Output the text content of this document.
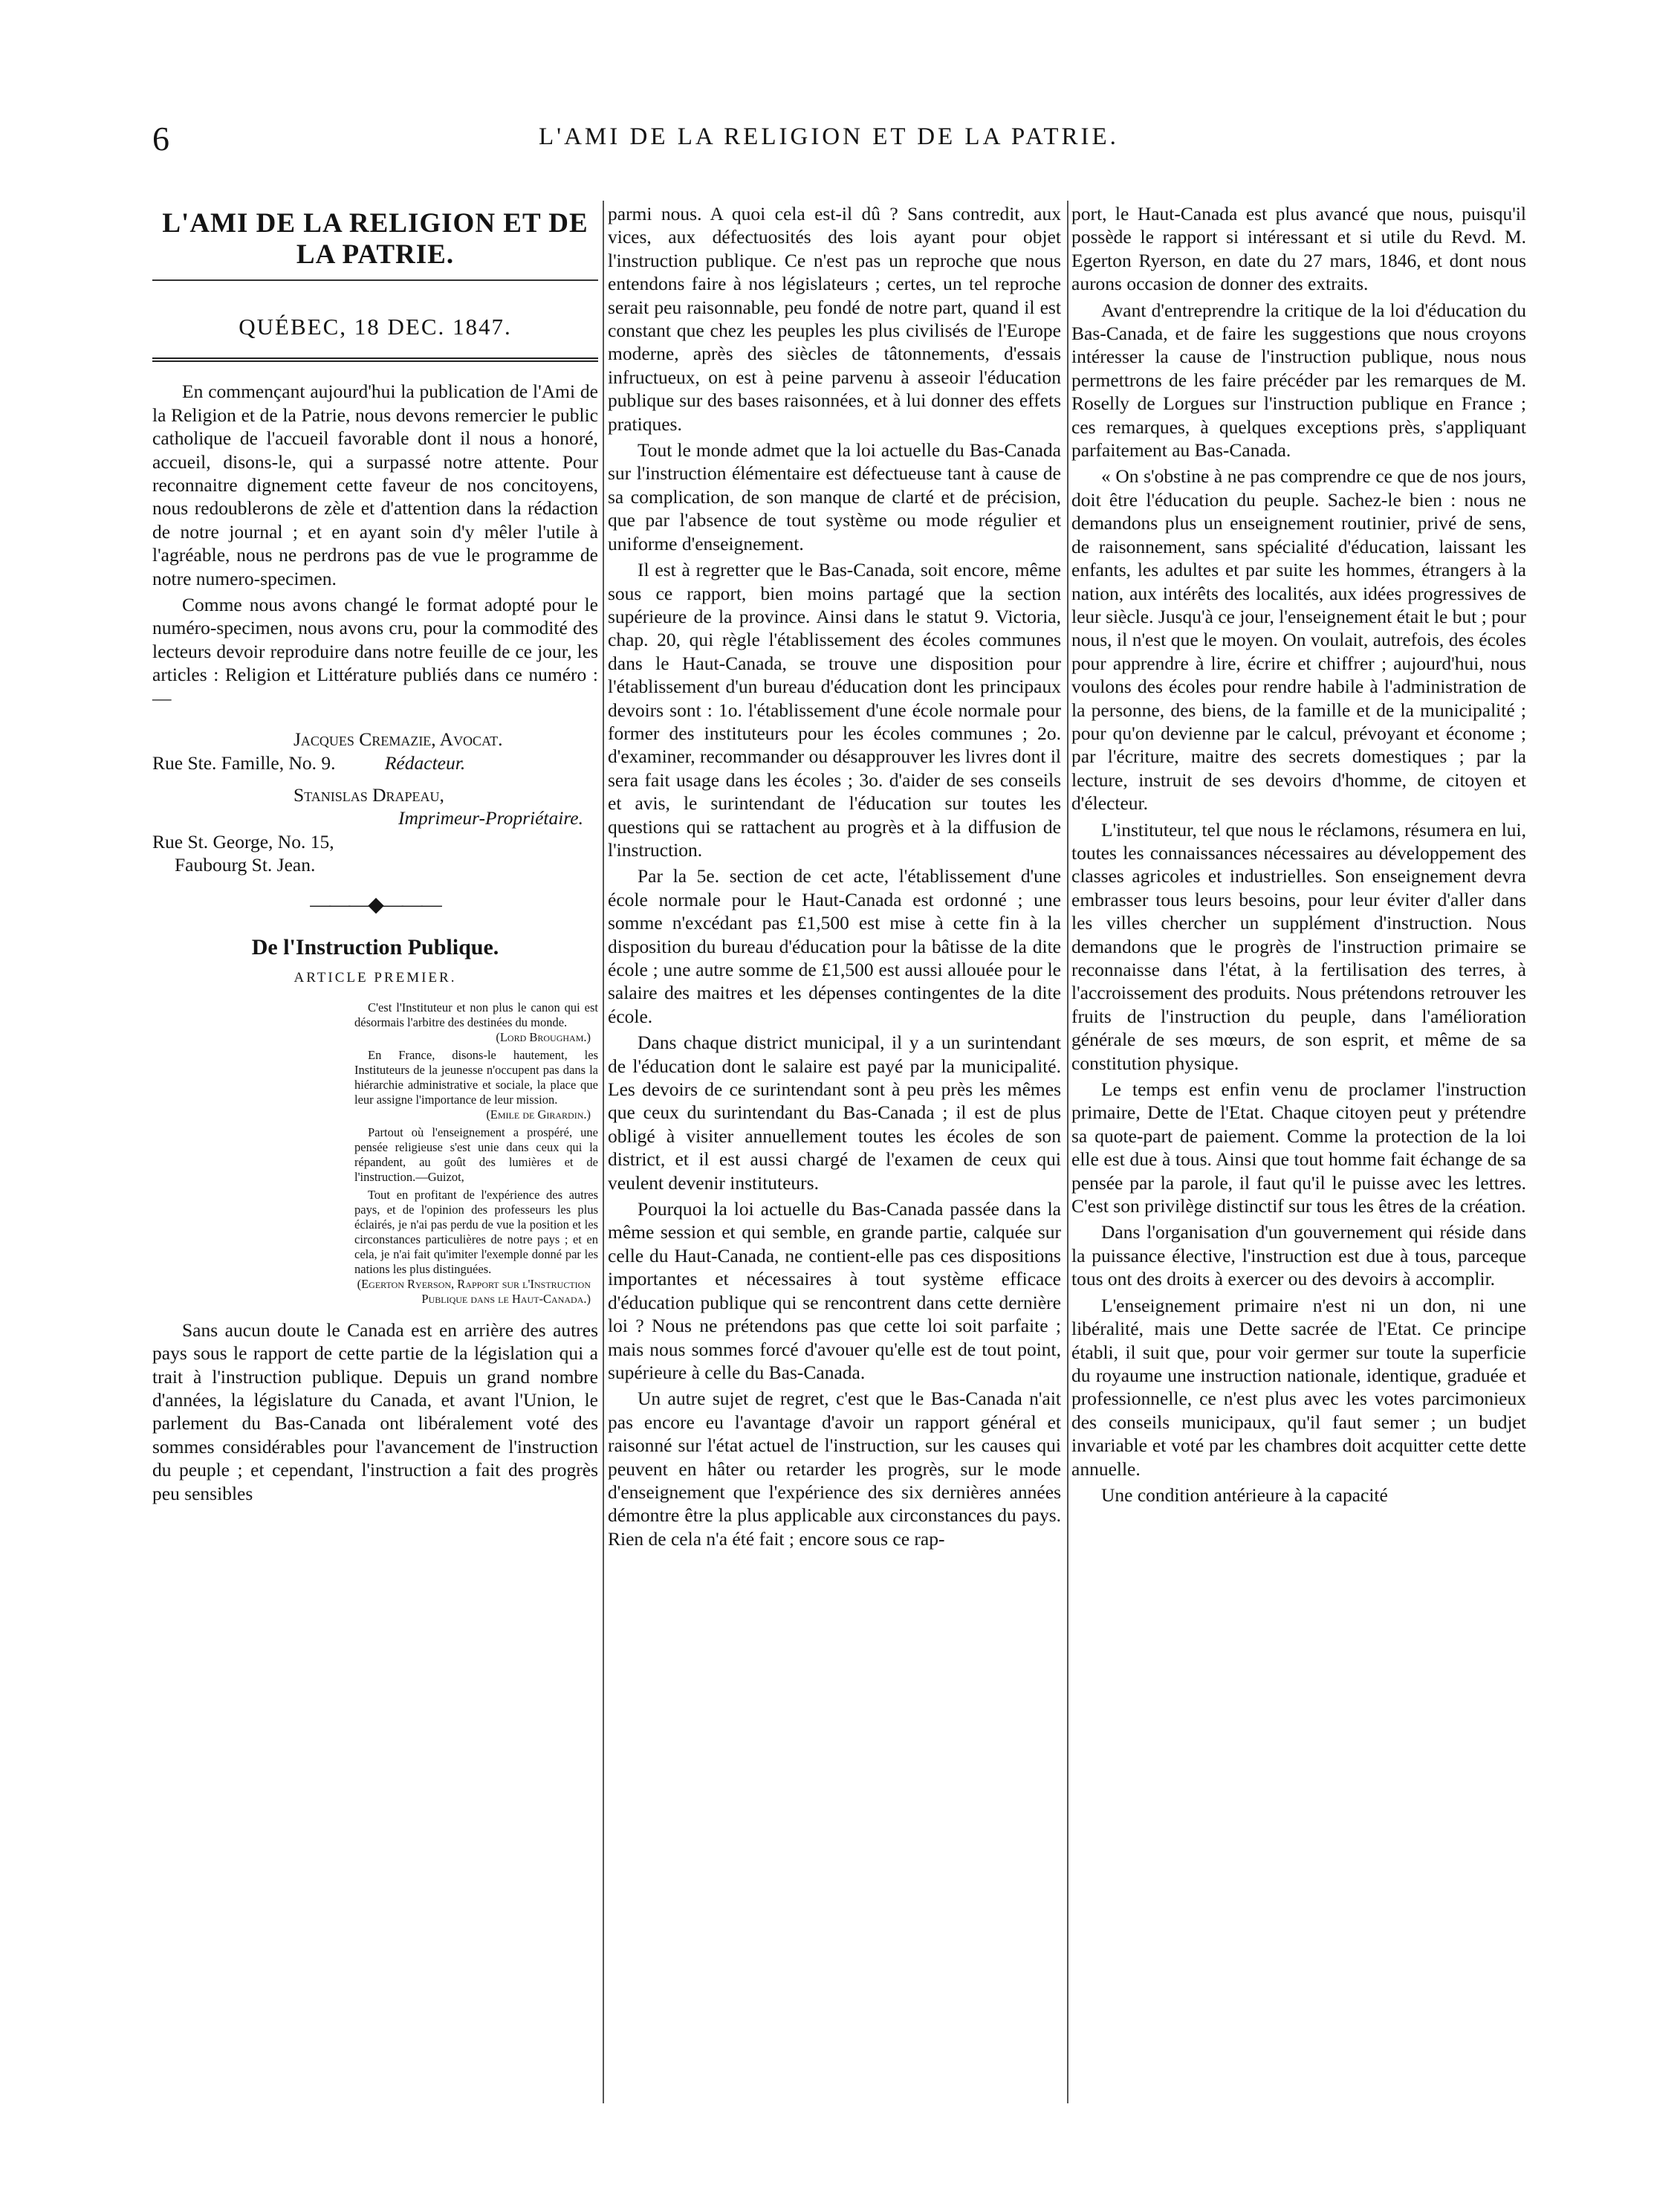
6	L'AMI DE LA RELIGION ET DE LA PATRIE.
L'AMI DE LA RELIGION ET DE LA PATRIE.
QUÉBEC, 18 DEC. 1847.

En commençant aujourd'hui la publication de l'Ami de la Religion et de la Patrie, nous devons remercier le public catholique de l'accueil favorable dont il nous a honoré, accueil, disons-le, qui a surpassé notre attente. Pour reconnaitre dignement cette faveur de nos concitoyens, nous redoublerons de zèle et d'attention dans la rédaction de notre journal ; et en ayant soin d'y mêler l'utile à l'agréable, nous ne perdrons pas de vue le programme de notre numero-specimen.

Comme nous avons changé le format adopté pour le numéro-specimen, nous avons cru, pour la commodité des lecteurs devoir reproduire dans notre feuille de ce jour, les articles : Religion et Littérature publiés dans ce numéro :—

Jacques Cremazie, Avocat.
Rue Ste. Famille, No. 9.	Rédacteur.
Stanislas Drapeau,
Imprimeur-Propriétaire.
Rue St. George, No. 15,
Faubourg St. Jean.
———◆———
De l'Instruction Publique.
ARTICLE PREMIER.
C'est l'Instituteur et non plus le canon qui est désormais l'arbitre des destinées du monde.
(Lord Brougham.)
En France, disons-le hautement, les Instituteurs de la jeunesse n'occupent pas dans la hiérarchie administrative et sociale, la place que leur assigne l'importance de leur mission.
(Emile de Girardin.)
Partout où l'enseignement a prospéré, une pensée religieuse s'est unie dans ceux qui la répandent, au goût des lumières et de l'instruction.—Guizot,
Tout en profitant de l'expérience des autres pays, et de l'opinion des professeurs les plus éclairés, je n'ai pas perdu de vue la position et les circonstances particulières de notre pays ; et en cela, je n'ai fait qu'imiter l'exemple donné par les nations les plus distinguées.
(Egerton Ryerson, Rapport sur l'Instruction Publique dans le Haut-Canada.)

Sans aucun doute le Canada est en arrière des autres pays sous le rapport de cette partie de la législation qui a trait à l'instruction publique. Depuis un grand nombre d'années, la législature du Canada, et avant l'Union, le parlement du Bas-Canada ont libéralement voté des sommes considérables pour l'avancement de l'instruction du peuple ; et cependant, l'instruction a fait des progrès peu sensibles

parmi nous. A quoi cela est-il dû ? Sans contredit, aux vices, aux défectuosités des lois ayant pour objet l'instruction publique. Ce n'est pas un reproche que nous entendons faire à nos législateurs ; certes, un tel reproche serait peu raisonnable, peu fondé de notre part, quand il est constant que chez les peuples les plus civilisés de l'Europe moderne, après des siècles de tâtonnements, d'essais infructueux, on est à peine parvenu à asseoir l'éducation publique sur des bases raisonnées, et à lui donner des effets pratiques.

Tout le monde admet que la loi actuelle du Bas-Canada sur l'instruction élémentaire est défectueuse tant à cause de sa complication, de son manque de clarté et de précision, que par l'absence de tout système ou mode régulier et uniforme d'enseignement.

Il est à regretter que le Bas-Canada, soit encore, même sous ce rapport, bien moins partagé que la section supérieure de la province. Ainsi dans le statut 9. Victoria, chap. 20, qui règle l'établissement des écoles communes dans le Haut-Canada, se trouve une disposition pour l'établissement d'un bureau d'éducation dont les principaux devoirs sont : 1o. l'établissement d'une école normale pour former des instituteurs pour les écoles communes ; 2o. d'examiner, recommander ou désapprouver les livres dont il sera fait usage dans les écoles ; 3o. d'aider de ses conseils et avis, le surintendant de l'éducation sur toutes les questions qui se rattachent au progrès et à la diffusion de l'instruction.

Par la 5e. section de cet acte, l'établissement d'une école normale pour le Haut-Canada est ordonné ; une somme n'excédant pas £1,500 est mise à cette fin à la disposition du bureau d'éducation pour la bâtisse de la dite école ; une autre somme de £1,500 est aussi allouée pour le salaire des maitres et les dépenses contingentes de la dite école.

Dans chaque district municipal, il y a un surintendant de l'éducation dont le salaire est payé par la municipalité. Les devoirs de ce surintendant sont à peu près les mêmes que ceux du surintendant du Bas-Canada ; il est de plus obligé à visiter annuellement toutes les écoles de son district, et il est aussi chargé de l'examen de ceux qui veulent devenir instituteurs.

Pourquoi la loi actuelle du Bas-Canada passée dans la même session et qui semble, en grande partie, calquée sur celle du Haut-Canada, ne contient-elle pas ces dispositions importantes et nécessaires à tout système efficace d'éducation publique qui se rencontrent dans cette dernière loi ? Nous ne prétendons pas que cette loi soit parfaite ; mais nous sommes forcé d'avouer qu'elle est de tout point, supérieure à celle du Bas-Canada.

Un autre sujet de regret, c'est que le Bas-Canada n'ait pas encore eu l'avantage d'avoir un rapport général et raisonné sur l'état actuel de l'instruction, sur les causes qui peuvent en hâter ou retarder les progrès, sur le mode d'enseignement que l'expérience des six dernières années démontre être la plus applicable aux circonstances du pays. Rien de cela n'a été fait ; encore sous ce rap-

port, le Haut-Canada est plus avancé que nous, puisqu'il possède le rapport si intéressant et si utile du Revd. M. Egerton Ryerson, en date du 27 mars, 1846, et dont nous aurons occasion de donner des extraits.

Avant d'entreprendre la critique de la loi d'éducation du Bas-Canada, et de faire les suggestions que nous croyons intéresser la cause de l'instruction publique, nous nous permettrons de les faire précéder par les remarques de M. Roselly de Lorgues sur l'instruction publique en France ; ces remarques, à quelques exceptions près, s'appliquant parfaitement au Bas-Canada.

« On s'obstine à ne pas comprendre ce que de nos jours, doit être l'éducation du peuple. Sachez-le bien : nous ne demandons plus un enseignement routinier, privé de sens, de raisonnement, sans spécialité d'éducation, laissant les enfants, les adultes et par suite les hommes, étrangers à la nation, aux intérêts des localités, aux idées progressives de leur siècle. Jusqu'à ce jour, l'enseignement était le but ; pour nous, il n'est que le moyen. On voulait, autrefois, des écoles pour apprendre à lire, écrire et chiffrer ; aujourd'hui, nous voulons des écoles pour rendre habile à l'administration de la personne, des biens, de la famille et de la municipalité ; pour qu'on devienne par le calcul, prévoyant et économe ; par l'écriture, maitre des secrets domestiques ; par la lecture, instruit de ses devoirs d'homme, de citoyen et d'électeur.

L'instituteur, tel que nous le réclamons, résumera en lui, toutes les connaissances nécessaires au développement des classes agricoles et industrielles. Son enseignement devra embrasser tous leurs besoins, pour leur éviter d'aller dans les villes chercher un supplément d'instruction. Nous demandons que le progrès de l'instruction primaire se reconnaisse dans l'état, à la fertilisation des terres, à l'accroissement des produits. Nous prétendons retrouver les fruits de l'instruction du peuple, dans l'amélioration générale de ses mœurs, de son esprit, et même de sa constitution physique.

Le temps est enfin venu de proclamer l'instruction primaire, Dette de l'Etat. Chaque citoyen peut y prétendre sa quote-part de paiement. Comme la protection de la loi elle est due à tous. Ainsi que tout homme fait échange de sa pensée par la parole, il faut qu'il le puisse avec les lettres. C'est son privilège distinctif sur tous les êtres de la création.

Dans l'organisation d'un gouvernement qui réside dans la puissance élective, l'instruction est due à tous, parceque tous ont des droits à exercer ou des devoirs à accomplir.

L'enseignement primaire n'est ni un don, ni une libéralité, mais une Dette sacrée de l'Etat. Ce principe établi, il suit que, pour voir germer sur toute la superficie du royaume une instruction nationale, identique, graduée et professionnelle, ce n'est plus avec les votes parcimonieux des conseils municipaux, qu'il faut semer ; un budjet invariable et voté par les chambres doit acquitter cette dette annuelle.

Une condition antérieure à la capacité
